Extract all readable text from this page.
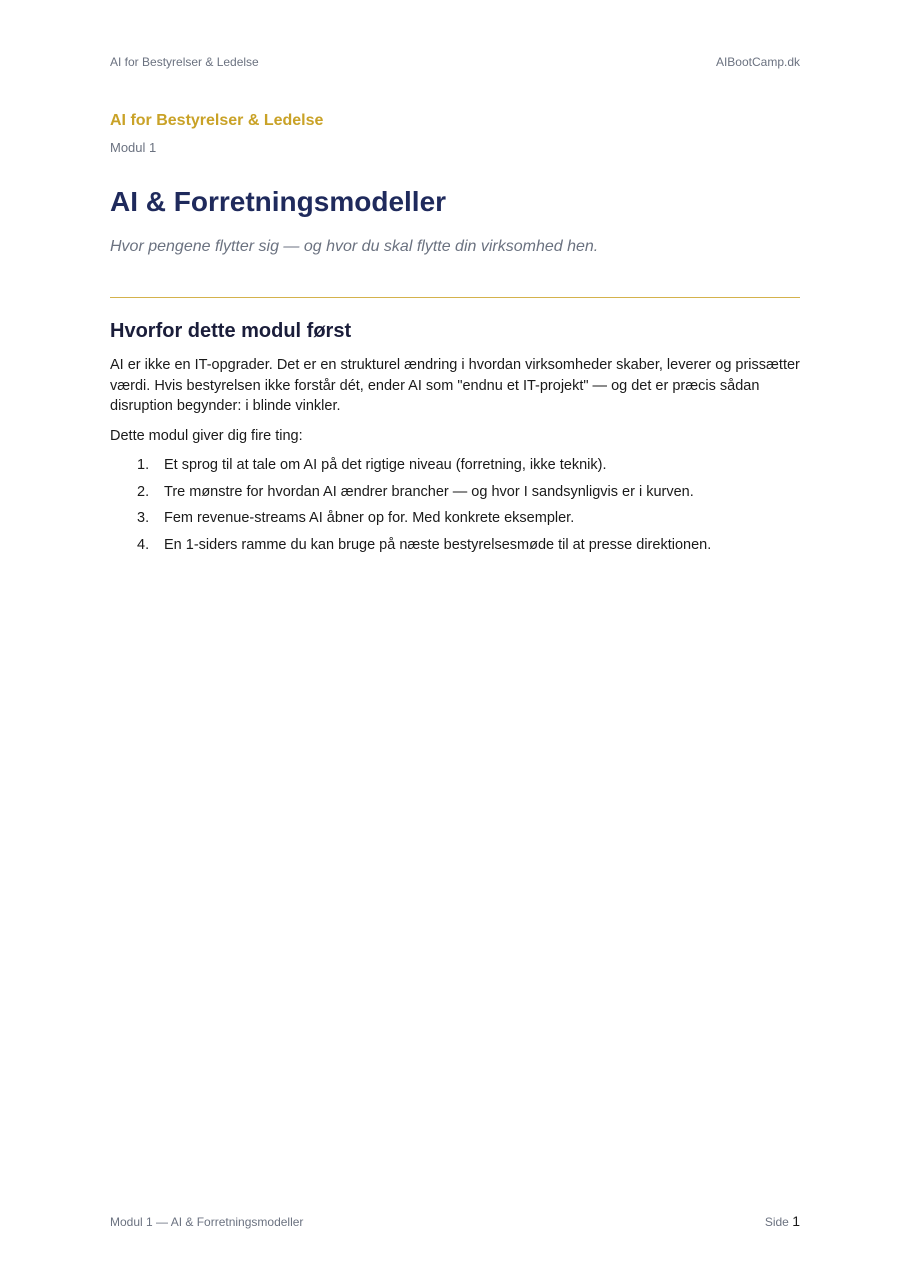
AI for Bestyrelser & Ledelse	AIBootCamp.dk
AI for Bestyrelser & Ledelse
Modul 1
AI & Forretningsmodeller

Hvor pengene flytter sig — og hvor du skal flytte din virksomhed hen.

Hvorfor dette modul først

AI er ikke en IT-opgrader. Det er en strukturel ændring i hvordan virksomheder skaber, leverer og prissætter værdi. Hvis bestyrelsen ikke forstår dét, ender AI som "endnu et IT-projekt" — og det er præcis sådan disruption begynder: i blinde vinkler.

Dette modul giver dig fire ting:

1.	Et sprog til at tale om AI på det rigtige niveau (forretning, ikke teknik).
2.	Tre mønstre for hvordan AI ændrer brancher — og hvor I sandsynligvis er i kurven.
3.	Fem revenue-streams AI åbner op for. Med konkrete eksempler.
4.	En 1-siders ramme du kan bruge på næste bestyrelsesmøde til at presse direktionen.
Modul 1 — AI & Forretningsmodeller	Side 1
